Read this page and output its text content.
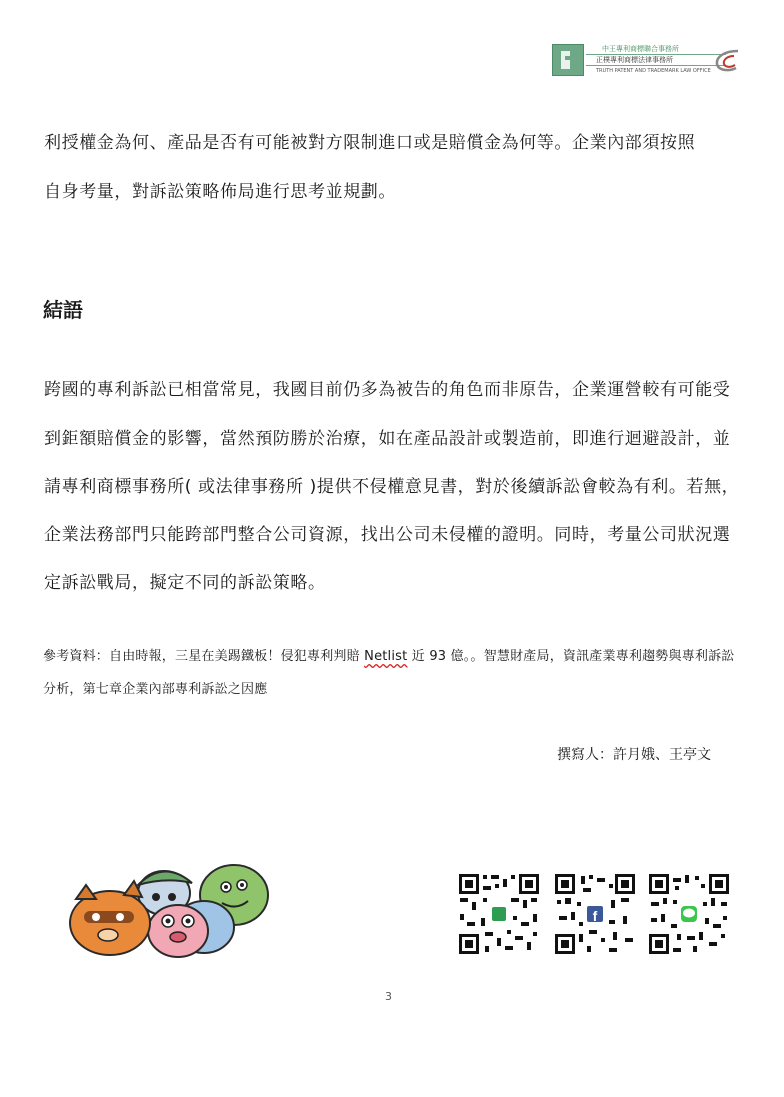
中王專利商標聯合事務所
正樸專利商標法律事務所
TRUTH PATENT AND TRADEMARK LAW OFFICE
利授權金為何、產品是否有可能被對方限制進口或是賠償金為何等。企業內部須按照
自身考量，對訴訟策略佈局進行思考並規劃。
結語
跨國的專利訴訟已相當常見，我國目前仍多為被告的角色而非原告，企業運營較有可能受
到鉅額賠償金的影響，當然預防勝於治療，如在產品設計或製造前，即進行迴避設計，並
請專利商標事務所( 或法律事務所 )提供不侵權意見書，對於後續訴訟會較為有利。若無，
企業法務部門只能跨部門整合公司資源，找出公司未侵權的證明。同時，考量公司狀況選
定訴訟戰局，擬定不同的訴訟策略。
參考資料：自由時報，三星在美踢鐵板！侵犯專利判賠 Netlist 近 93 億。。智慧財產局，資訊產業專利趨勢與專利訴訟
分析，第七章企業內部專利訴訟之因應
撰寫人：許月娥、王亭文
f
3
